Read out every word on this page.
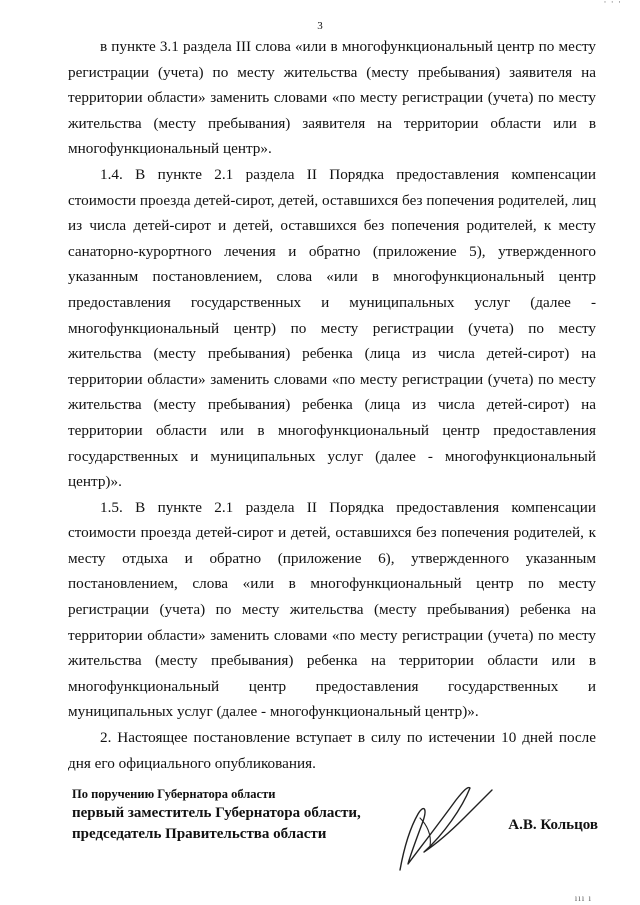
3
· · ·

в пункте 3.1 раздела III слова «или в многофункциональный центр по месту регистрации (учета) по месту жительства (месту пребывания) заявителя на территории области» заменить словами «по месту регистрации (учета) по месту жительства (месту пребывания) заявителя на территории области или в многофункциональный центр».

1.4. В пункте 2.1 раздела II Порядка предоставления компенсации стоимости проезда детей-сирот, детей, оставшихся без попечения родителей, лиц из числа детей-сирот и детей, оставшихся без попечения родителей, к месту санаторно-курортного лечения и обратно (приложение 5), утвержденного указанным постановлением, слова «или в многофункциональный центр предоставления государственных и муниципальных услуг (далее - многофункциональный центр) по месту регистрации (учета) по месту жительства (месту пребывания) ребенка (лица из числа детей-сирот) на территории области» заменить словами «по месту регистрации (учета) по месту жительства (месту пребывания) ребенка (лица из числа детей-сирот) на территории области или в многофункциональный центр предоставления государственных и муниципальных услуг (далее - многофункциональный центр)».

1.5. В пункте 2.1 раздела II Порядка предоставления компенсации стоимости проезда детей-сирот и детей, оставшихся без попечения родителей, к месту отдыха и обратно (приложение 6), утвержденного указанным постановлением, слова «или в многофункциональный центр по месту регистрации (учета) по месту жительства (месту пребывания) ребенка на территории области» заменить словами «по месту регистрации (учета) по месту жительства (месту пребывания) ребенка на территории области или в многофункциональный центр предоставления государственных и муниципальных услуг (далее - многофункциональный центр)».

2. Настоящее постановление вступает в силу по истечении 10 дней после дня его официального опубликования.

По поручению Губернатора области
первый заместитель Губернатора области,
председатель Правительства области
А.В. Кольцов
ııı ı
